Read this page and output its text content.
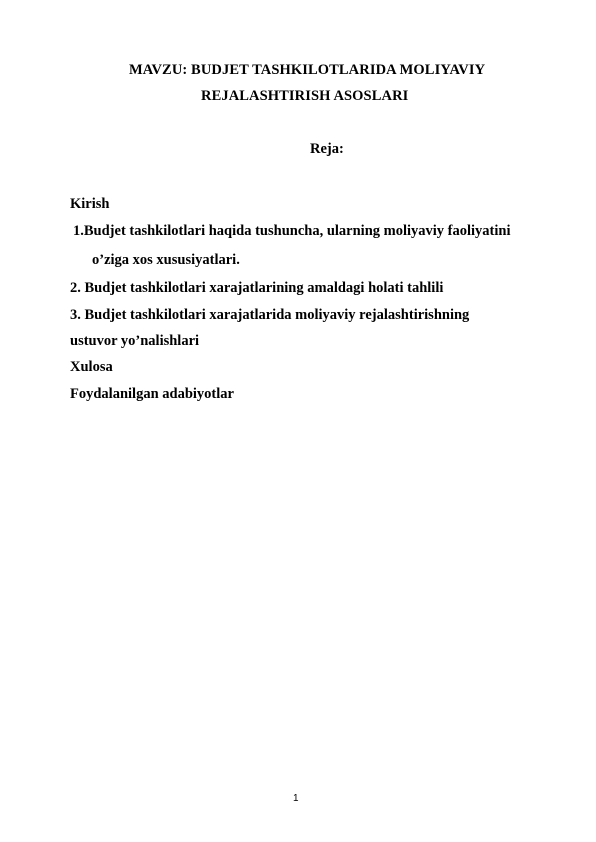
MAVZU: BUDJET TASHKILOTLARIDA MOLIYAVIY
REJALASHTIRISH ASOSLARI
Reja:
Kirish
1.Budjet tashkilotlari haqida tushuncha, ularning moliyaviy faoliyatini
o’ziga xos xususiyatlari.
2. Budjet tashkilotlari xarajatlarining amaldagi holati tahlili
3. Budjet tashkilotlari xarajatlarida moliyaviy rejalashtirishning
ustuvor yo’nalishlari
Xulosa
Foydalanilgan adabiyotlar
1
